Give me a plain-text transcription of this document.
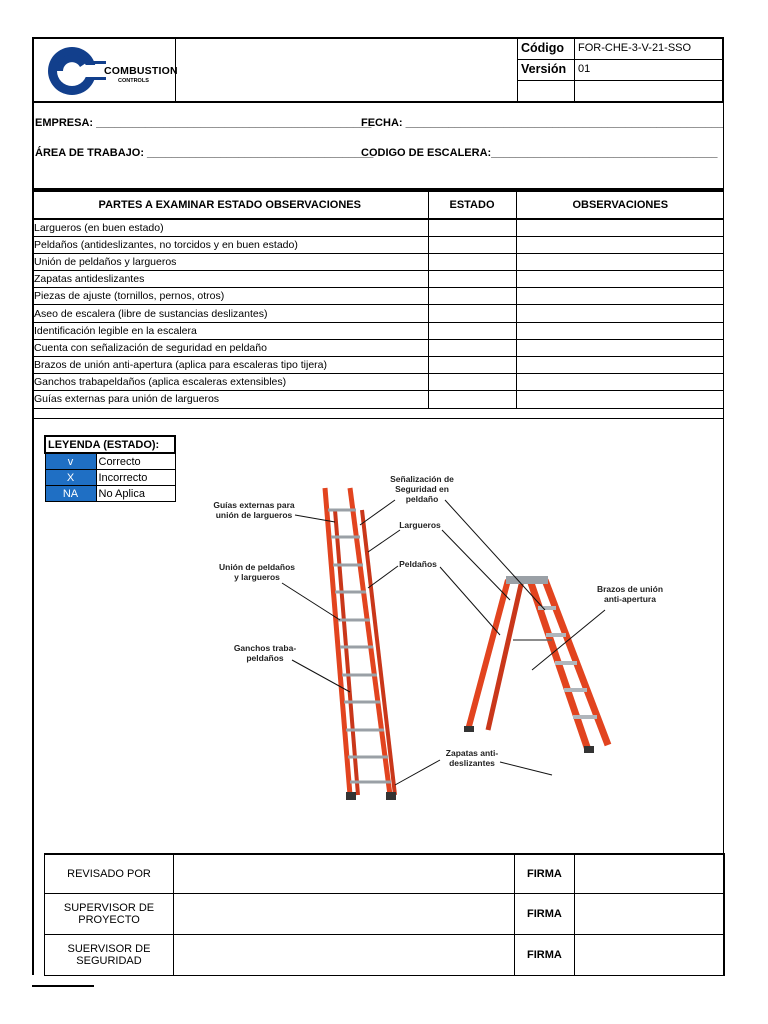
COMBUSTION
CONTROLS
Código	FOR-CHE-3-V-21-SSO
Versión	01
EMPRESA: _____________________________________________
FECHA: ____________________________________________________
ÁREA DE TRABAJO: _____________________________________
CODIGO DE ESCALERA:_____________________________________
PARTES A EXAMINAR ESTADO OBSERVACIONES	ESTADO	OBSERVACIONES
Largueros (en buen estado)		
Peldaños (antideslizantes, no torcidos y en buen estado)		
Unión de peldaños y largueros		
Zapatas antideslizantes		
Piezas de ajuste (tornillos, pernos, otros)		
Aseo de escalera (libre de sustancias deslizantes)		
Identificación legible en la escalera		
Cuenta con señalización de seguridad en peldaño		
Brazos de unión anti-apertura (aplica para escaleras tipo tijera)		
Ganchos trabapeldaños (aplica escaleras extensibles)		
Guías externas para unión de largueros		
LEYENDA (ESTADO):	
v	Correcto
X	Incorrecto
NA	No Aplica
Guías externas para unión de largueros
Unión de peldaños y largueros
Ganchos traba-peldaños
Señalización de Seguridad en peldaño
Largueros
Peldaños
Brazos de unión anti-apertura
Zapatas anti-deslizantes
REVISADO POR		FIRMA	
SUPERVISOR DE
PROYECTO		FIRMA	
SUERVISOR DE
SEGURIDAD		FIRMA	
